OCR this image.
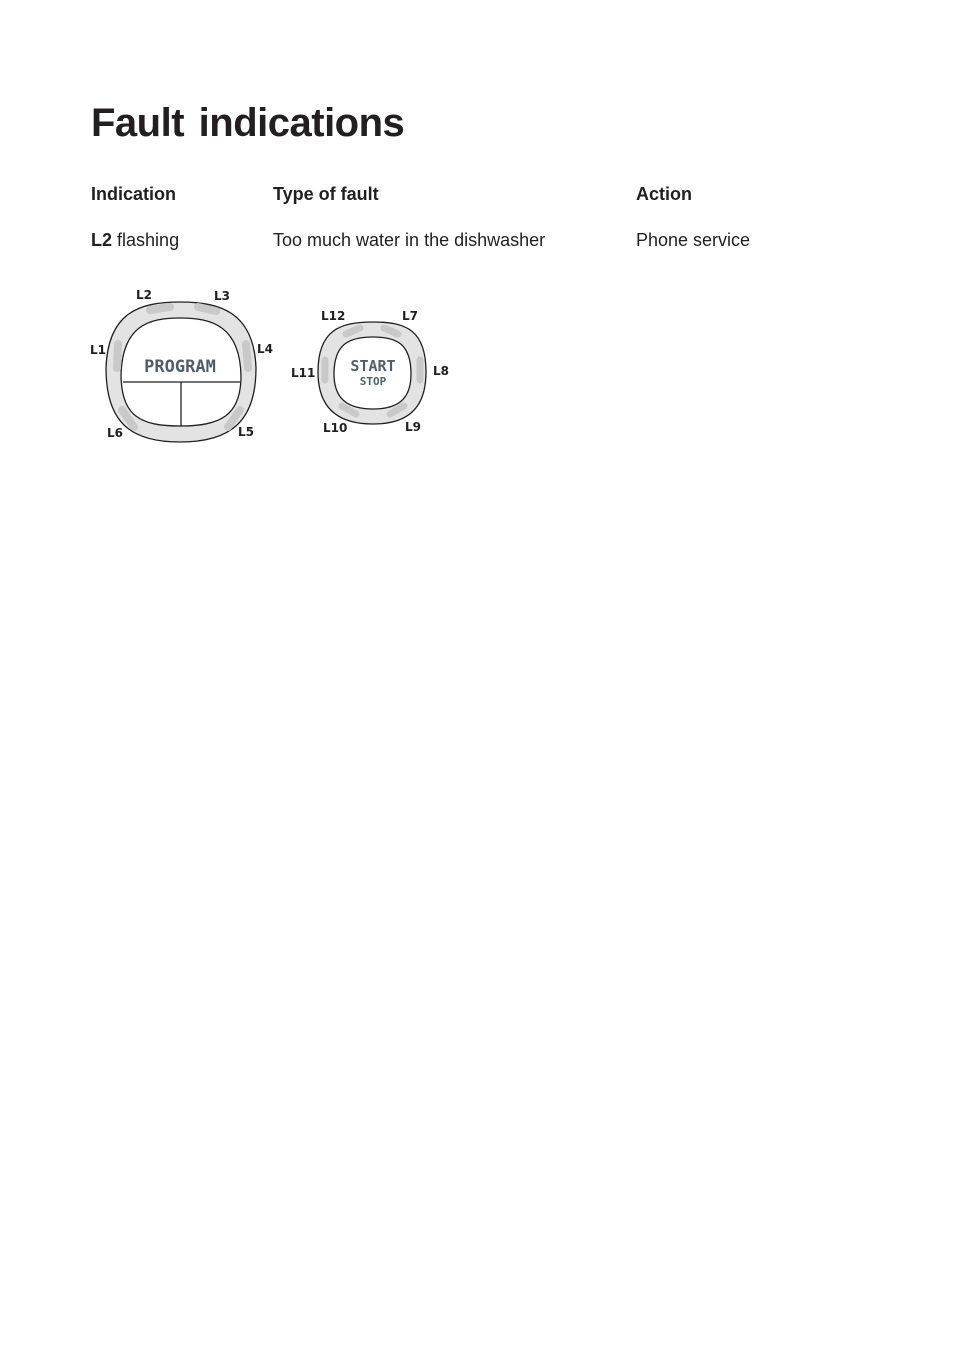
Fault indications
Indication	Type of fault	Action
L2 flashing	Too much water in the dishwasher	Phone service
PROGRAM
L1
L2	L3
L4
L5
L6
START
STOP
L7
L8
L9
L10
L11
L12
